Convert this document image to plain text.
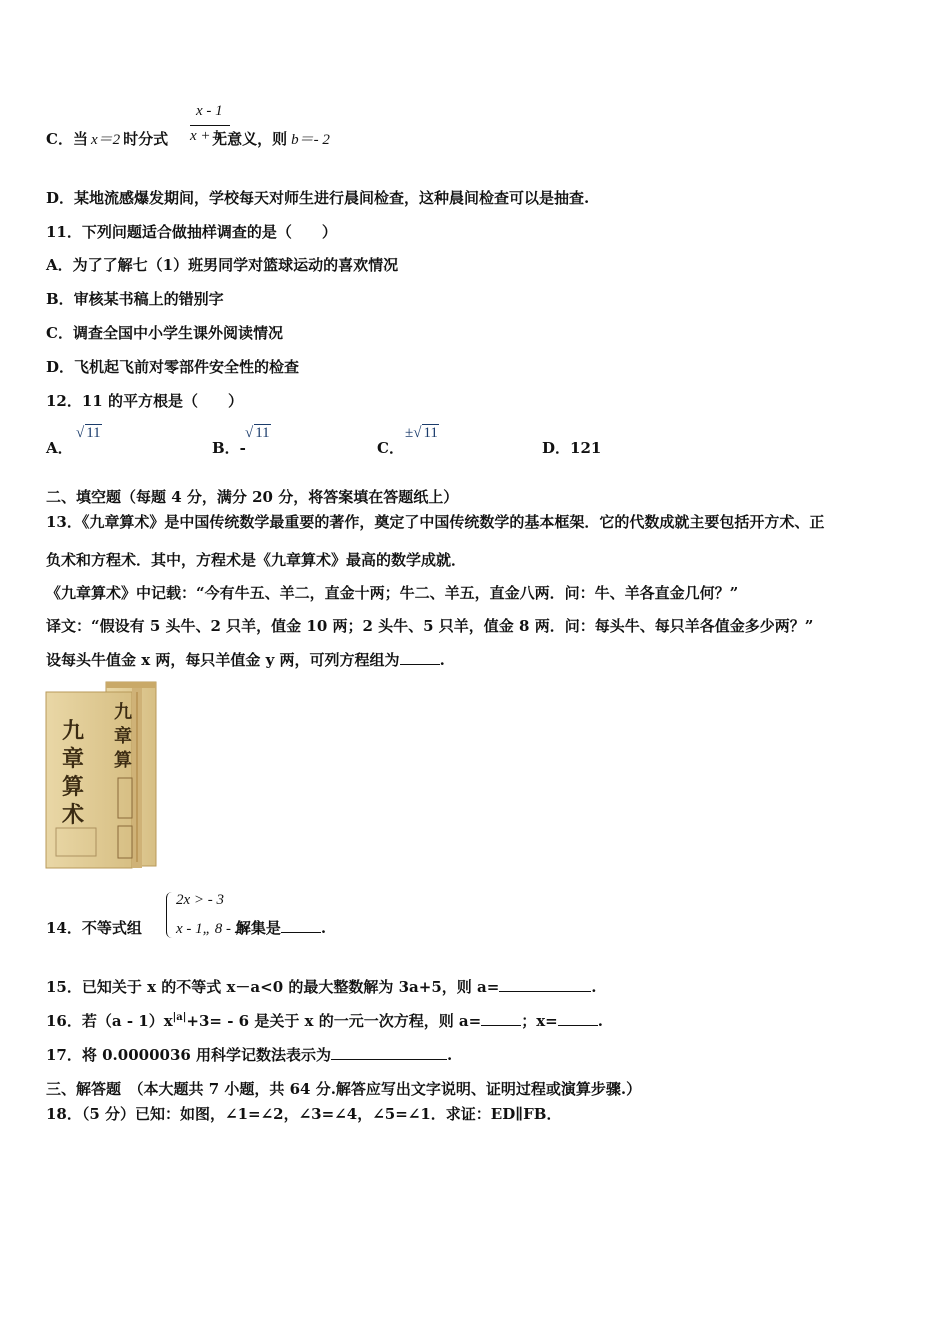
C．当 x＝2 时分式	无意义，则 b＝- 2
x - 1
x + b
D．某地流感爆发期间，学校每天对师生进行晨间检查，这种晨间检查可以是抽查.
11．下列问题适合做抽样调查的是（　　）
A．为了了解七（1）班男同学对篮球运动的喜欢情况
B．审核某书稿上的错别字
C．调查全国中小学生课外阅读情况
D．飞机起飞前对零部件安全性的检查
12．11 的平方根是（　　）
A．
√ 11
B．-
√ 11
C．
±√ 11
D．121
二、填空题（每题 4 分，满分 20 分，将答案填在答题纸上）
13．《九章算术》是中国传统数学最重要的著作，奠定了中国传统数学的基本框架．它的代数成就主要包括开方术、正
负术和方程术．其中，方程术是《九章算术》最高的数学成就．
《九章算术》中记载：“今有牛五、羊二，直金十两；牛二、羊五，直金八两．问：牛、羊各直金几何？”
译文：“假设有 5 头牛、2 只羊，值金 10 两；2 头牛、5 只羊，值金 8 两．问：每头牛、每只羊各值金多少两？”
设每头牛值金 x 两，每只羊值金 y 两，可列方程组为	.
九
章
算
术
九
章
算
14．不等式组	解集是	.
2x > - 3
x - 1„ 8 - 2x
15．已知关于 x 的不等式 x－a<0 的最大整数解为 3a+5，则 a=	.
16．若$(a - 1)x^{|a|}+3= - 6$ 是关于 x 的一元一次方程，则 a=	；x=	.
17．将 0.0000036 用科学记数法表示为	.
三、解答题　（本大题共 7 小题，共 64 分.解答应写出文字说明、证明过程或演算步骤.）
18．（5 分）已知：如图，∠1=∠2，∠3=∠4，∠5=∠1．求证：ED∥FB．
